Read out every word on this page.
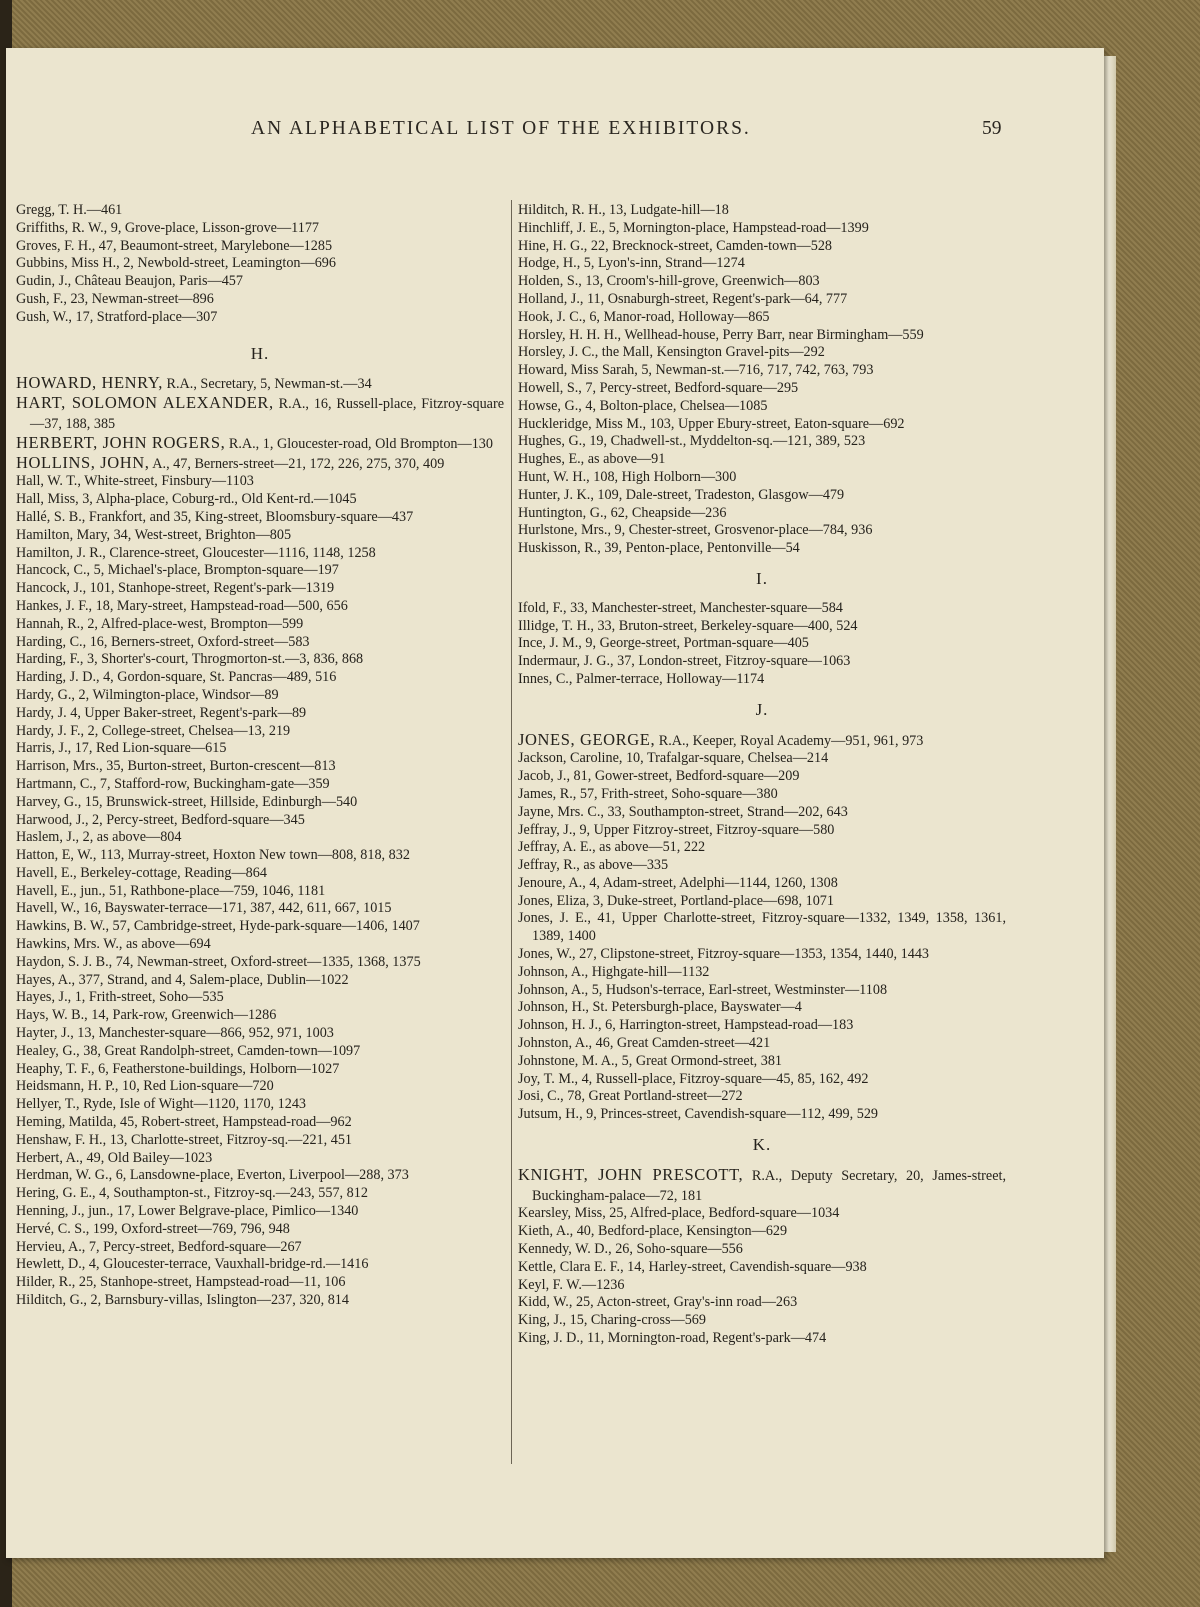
AN ALPHABETICAL LIST OF THE EXHIBITORS.	59
Gregg, T. H.—461
Griffiths, R. W., 9, Grove-place, Lisson-grove—1177
Groves, F. H., 47, Beaumont-street, Marylebone—1285
Gubbins, Miss H., 2, Newbold-street, Leamington—696
Gudin, J., Château Beaujon, Paris—457
Gush, F., 23, Newman-street—896
Gush, W., 17, Stratford-place—307
H.
HOWARD, HENRY, R.A., Secretary, 5, Newman-st.—34
HART, SOLOMON ALEXANDER, R.A., 16, Russell-place, Fitzroy-square—37, 188, 385
HERBERT, JOHN ROGERS, R.A., 1, Gloucester-road, Old Brompton—130
HOLLINS, JOHN, A., 47, Berners-street—21, 172, 226, 275, 370, 409
Hall, W. T., White-street, Finsbury—1103
Hall, Miss, 3, Alpha-place, Coburg-rd., Old Kent-rd.—1045
Hallé, S. B., Frankfort, and 35, King-street, Bloomsbury-square—437
Hamilton, Mary, 34, West-street, Brighton—805
Hamilton, J. R., Clarence-street, Gloucester—1116, 1148, 1258
Hancock, C., 5, Michael's-place, Brompton-square—197
Hancock, J., 101, Stanhope-street, Regent's-park—1319
Hankes, J. F., 18, Mary-street, Hampstead-road—500, 656
Hannah, R., 2, Alfred-place-west, Brompton—599
Harding, C., 16, Berners-street, Oxford-street—583
Harding, F., 3, Shorter's-court, Throgmorton-st.—3, 836, 868
Harding, J. D., 4, Gordon-square, St. Pancras—489, 516
Hardy, G., 2, Wilmington-place, Windsor—89
Hardy, J. 4, Upper Baker-street, Regent's-park—89
Hardy, J. F., 2, College-street, Chelsea—13, 219
Harris, J., 17, Red Lion-square—615
Harrison, Mrs., 35, Burton-street, Burton-crescent—813
Hartmann, C., 7, Stafford-row, Buckingham-gate—359
Harvey, G., 15, Brunswick-street, Hillside, Edinburgh—540
Harwood, J., 2, Percy-street, Bedford-square—345
Haslem, J., 2, as above—804
Hatton, E, W., 113, Murray-street, Hoxton New town—808, 818, 832
Havell, E., Berkeley-cottage, Reading—864
Havell, E., jun., 51, Rathbone-place—759, 1046, 1181
Havell, W., 16, Bayswater-terrace—171, 387, 442, 611, 667, 1015
Hawkins, B. W., 57, Cambridge-street, Hyde-park-square—1406, 1407
Hawkins, Mrs. W., as above—694
Haydon, S. J. B., 74, Newman-street, Oxford-street—1335, 1368, 1375
Hayes, A., 377, Strand, and 4, Salem-place, Dublin—1022
Hayes, J., 1, Frith-street, Soho—535
Hays, W. B., 14, Park-row, Greenwich—1286
Hayter, J., 13, Manchester-square—866, 952, 971, 1003
Healey, G., 38, Great Randolph-street, Camden-town—1097
Heaphy, T. F., 6, Featherstone-buildings, Holborn—1027
Heidsmann, H. P., 10, Red Lion-square—720
Hellyer, T., Ryde, Isle of Wight—1120, 1170, 1243
Heming, Matilda, 45, Robert-street, Hampstead-road—962
Henshaw, F. H., 13, Charlotte-street, Fitzroy-sq.—221, 451
Herbert, A., 49, Old Bailey—1023
Herdman, W. G., 6, Lansdowne-place, Everton, Liverpool—288, 373
Hering, G. E., 4, Southampton-st., Fitzroy-sq.—243, 557, 812
Henning, J., jun., 17, Lower Belgrave-place, Pimlico—1340
Hervé, C. S., 199, Oxford-street—769, 796, 948
Hervieu, A., 7, Percy-street, Bedford-square—267
Hewlett, D., 4, Gloucester-terrace, Vauxhall-bridge-rd.—1416
Hilder, R., 25, Stanhope-street, Hampstead-road—11, 106
Hilditch, G., 2, Barnsbury-villas, Islington—237, 320, 814
Hilditch, R. H., 13, Ludgate-hill—18
Hinchliff, J. E., 5, Mornington-place, Hampstead-road—1399
Hine, H. G., 22, Brecknock-street, Camden-town—528
Hodge, H., 5, Lyon's-inn, Strand—1274
Holden, S., 13, Croom's-hill-grove, Greenwich—803
Holland, J., 11, Osnaburgh-street, Regent's-park—64, 777
Hook, J. C., 6, Manor-road, Holloway—865
Horsley, H. H. H., Wellhead-house, Perry Barr, near Birmingham—559
Horsley, J. C., the Mall, Kensington Gravel-pits—292
Howard, Miss Sarah, 5, Newman-st.—716, 717, 742, 763, 793
Howell, S., 7, Percy-street, Bedford-square—295
Howse, G., 4, Bolton-place, Chelsea—1085
Huckleridge, Miss M., 103, Upper Ebury-street, Eaton-square—692
Hughes, G., 19, Chadwell-st., Myddelton-sq.—121, 389, 523
Hughes, E., as above—91
Hunt, W. H., 108, High Holborn—300
Hunter, J. K., 109, Dale-street, Tradeston, Glasgow—479
Huntington, G., 62, Cheapside—236
Hurlstone, Mrs., 9, Chester-street, Grosvenor-place—784, 936
Huskisson, R., 39, Penton-place, Pentonville—54
I.
Ifold, F., 33, Manchester-street, Manchester-square—584
Illidge, T. H., 33, Bruton-street, Berkeley-square—400, 524
Ince, J. M., 9, George-street, Portman-square—405
Indermaur, J. G., 37, London-street, Fitzroy-square—1063
Innes, C., Palmer-terrace, Holloway—1174
J.
JONES, GEORGE, R.A., Keeper, Royal Academy—951, 961, 973
Jackson, Caroline, 10, Trafalgar-square, Chelsea—214
Jacob, J., 81, Gower-street, Bedford-square—209
James, R., 57, Frith-street, Soho-square—380
Jayne, Mrs. C., 33, Southampton-street, Strand—202, 643
Jeffray, J., 9, Upper Fitzroy-street, Fitzroy-square—580
Jeffray, A. E., as above—51, 222
Jeffray, R., as above—335
Jenoure, A., 4, Adam-street, Adelphi—1144, 1260, 1308
Jones, Eliza, 3, Duke-street, Portland-place—698, 1071
Jones, J. E., 41, Upper Charlotte-street, Fitzroy-square—1332, 1349, 1358, 1361, 1389, 1400
Jones, W., 27, Clipstone-street, Fitzroy-square—1353, 1354, 1440, 1443
Johnson, A., Highgate-hill—1132
Johnson, A., 5, Hudson's-terrace, Earl-street, Westminster—1108
Johnson, H., St. Petersburgh-place, Bayswater—4
Johnson, H. J., 6, Harrington-street, Hampstead-road—183
Johnston, A., 46, Great Camden-street—421
Johnstone, M. A., 5, Great Ormond-street, 381
Joy, T. M., 4, Russell-place, Fitzroy-square—45, 85, 162, 492
Josi, C., 78, Great Portland-street—272
Jutsum, H., 9, Princes-street, Cavendish-square—112, 499, 529
K.
KNIGHT, JOHN PRESCOTT, R.A., Deputy Secretary, 20, James-street, Buckingham-palace—72, 181
Kearsley, Miss, 25, Alfred-place, Bedford-square—1034
Kieth, A., 40, Bedford-place, Kensington—629
Kennedy, W. D., 26, Soho-square—556
Kettle, Clara E. F., 14, Harley-street, Cavendish-square—938
Keyl, F. W.—1236
Kidd, W., 25, Acton-street, Gray's-inn road—263
King, J., 15, Charing-cross—569
King, J. D., 11, Mornington-road, Regent's-park—474
